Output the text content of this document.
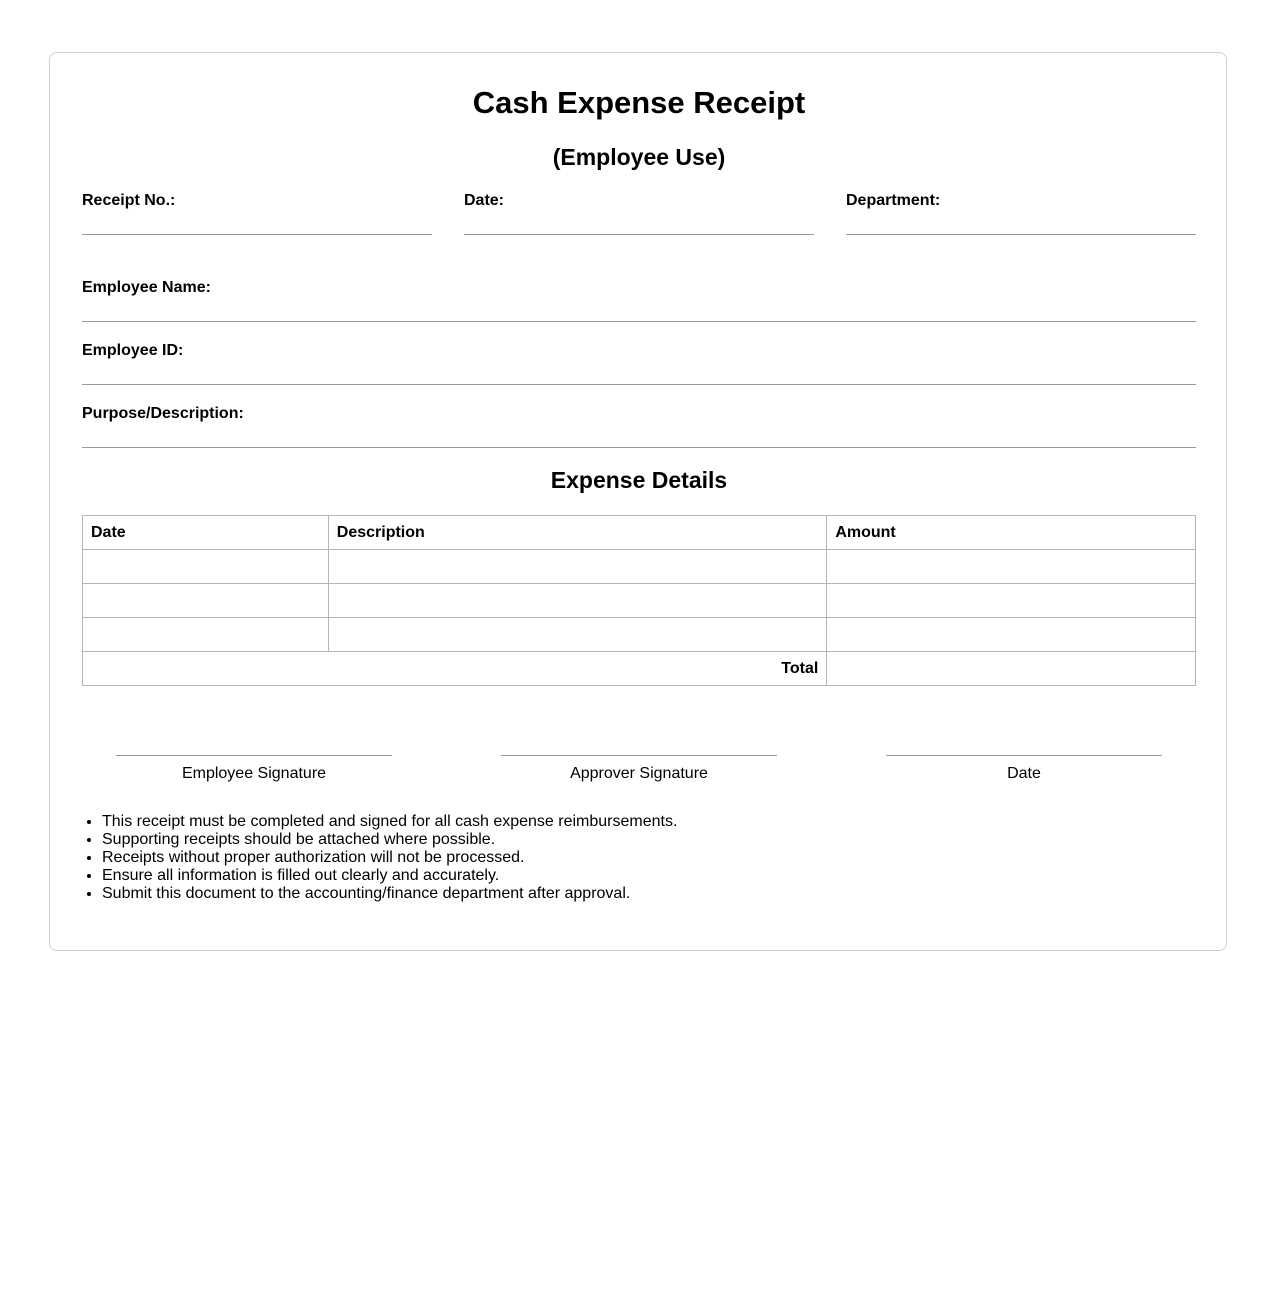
Cash Expense Receipt
(Employee Use)
Receipt No.:	Date:	Department:
Employee Name:
Employee ID:
Purpose/Description:
Expense Details
Date	Description	Amount

Total		
Employee Signature	Approver Signature	Date
• This receipt must be completed and signed for all cash expense reimbursements.
• Supporting receipts should be attached where possible.
• Receipts without proper authorization will not be processed.
• Ensure all information is filled out clearly and accurately.
• Submit this document to the accounting/finance department after approval.
